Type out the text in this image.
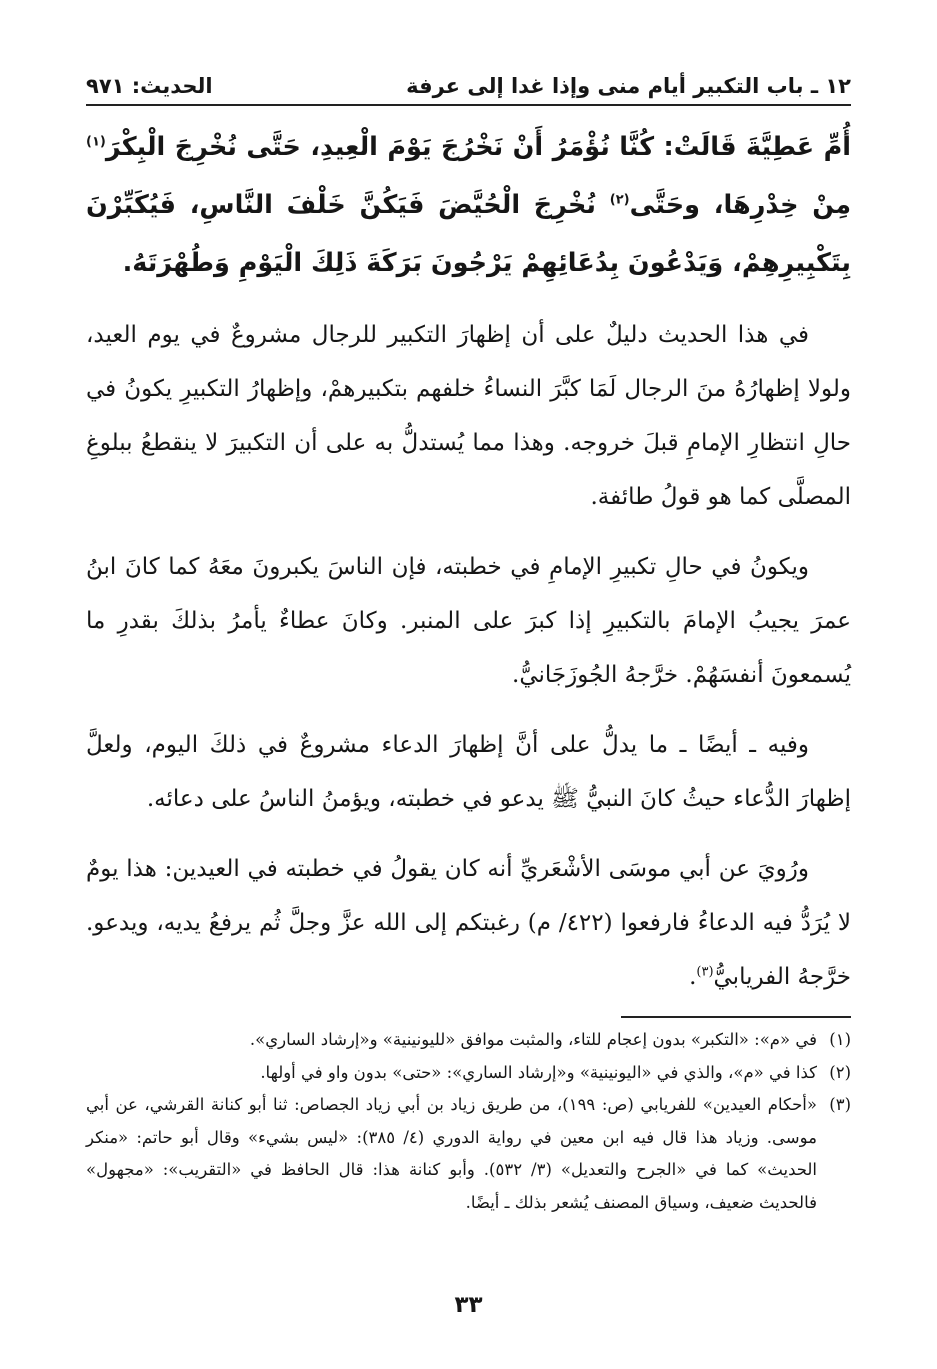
الحديث: ٩٧١	١٢ ـ باب التكبير أيام منى وإذا غدا إلى عرفة

أُمِّ عَطِيَّةَ قَالَتْ: كُنَّا نُؤْمَرُ أَنْ نَخْرُجَ يَوْمَ الْعِيدِ، حَتَّى نُخْرِجَ الْبِكْرَ$^{(١)}$ مِنْ خِدْرِهَا، وحَتَّى$^{(٢)}$ نُخْرِجَ الْحُيَّضَ فَيَكُنَّ خَلْفَ النَّاسِ، فَيُكَبِّرْنَ بِتَكْبِيرِهِمْ، وَيَدْعُونَ بِدُعَائِهِمْ يَرْجُونَ بَرَكَةَ ذَلِكَ الْيَوْمِ وَطُهْرَتَهُ.

في هذا الحديث دليلٌ على أن إظهارَ التكبير للرجال مشروعٌ في يوم العيد، ولولا إظهارُهُ منَ الرجال لَمَا كبَّرَ النساءُ خلفهم بتكبيرهمْ، وإظهارُ التكبيرِ يكونُ في حالِ انتظارِ الإمامِ قبلَ خروجه. وهذا مما يُستدلُّ به على أن التكبيرَ لا ينقطعُ ببلوغِ المصلَّى كما هو قولُ طائفة.

ويكونُ في حالِ تكبيرِ الإمامِ في خطبته، فإن الناسَ يكبرونَ معَهُ كما كانَ ابنُ عمرَ يجيبُ الإمامَ بالتكبيرِ إذا كبرَ على المنبر. وكانَ عطاءٌ يأمرُ بذلكَ بقدرِ ما يُسمعونَ أنفسَهُمْ. خرَّجهُ الجُوزَجَانيُّ.

وفيه ـ أيضًا ـ ما يدلُّ على أنَّ إظهارَ الدعاء مشروعٌ في ذلكَ اليوم، ولعلَّ إظهارَ الدُّعاء حيثُ كانَ النبيُّ ﷺ يدعو في خطبته، ويؤمنُ الناسُ على دعائه.

ورُويَ عن أبي موسَى الأشْعَريِّ أنه كان يقولُ في خطبته في العيدين: هذا يومٌ لا يُرَدُّ فيه الدعاءُ فارفعوا (٤٢٢/ م) رغبتكم إلى الله عزَّ وجلَّ ثُم يرفعُ يديه، ويدعو. خرَّجهُ الفريابيُّ$^{(٣)}$.

(١)
في «م»: «التكبر» بدون إعجام للتاء، والمثبت موافق «لليونينية» و«إرشاد الساري».

(٢)
كذا في «م»، والذي في «اليونينية» و«إرشاد الساري»: «حتى» بدون واو في أولها.

(٣)
«أحكام العيدين» للفريابي (ص: ١٩٩)، من طريق زياد بن أبي زياد الجصاص: ثنا أبو كنانة القرشي، عن أبي موسى. وزياد هذا قال فيه ابن معين في رواية الدوري (٤/ ٣٨٥): «ليس بشيء» وقال أبو حاتم: «منكر الحديث» كما في «الجرح والتعديل» (٣/ ٥٣٢). وأبو كنانة هذا: قال الحافظ في «التقريب»: «مجهول» فالحديث ضعيف، وسياق المصنف يُشعر بذلك ـ أيضًا.

٣٣
